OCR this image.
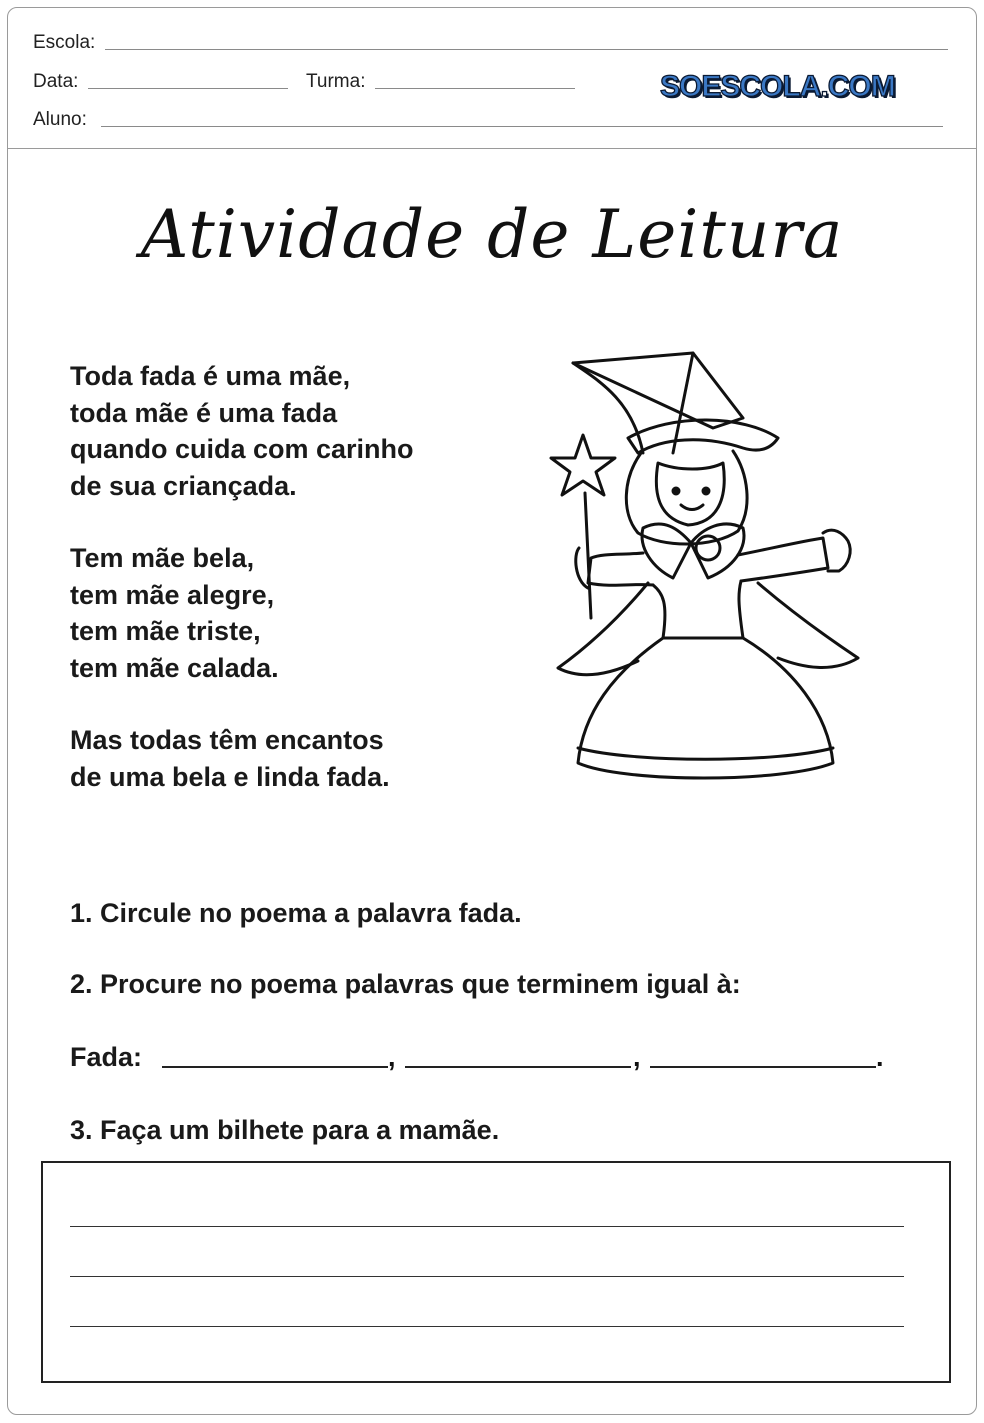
Escola:
Data:	Turma:
Aluno:
SOESCOLA.COM
Atividade de Leitura
Toda fada é uma mãe,
toda mãe é uma fada
quando cuida com carinho
de sua criançada.
Tem mãe bela,
tem mãe alegre,
tem mãe triste,
tem mãe calada.
Mas todas têm encantos
de uma bela e linda fada.
1. Circule no poema a palavra fada.
2. Procure no poema palavras que terminem igual à:
Fada:	,	,	.
3. Faça um bilhete para a mamãe.
